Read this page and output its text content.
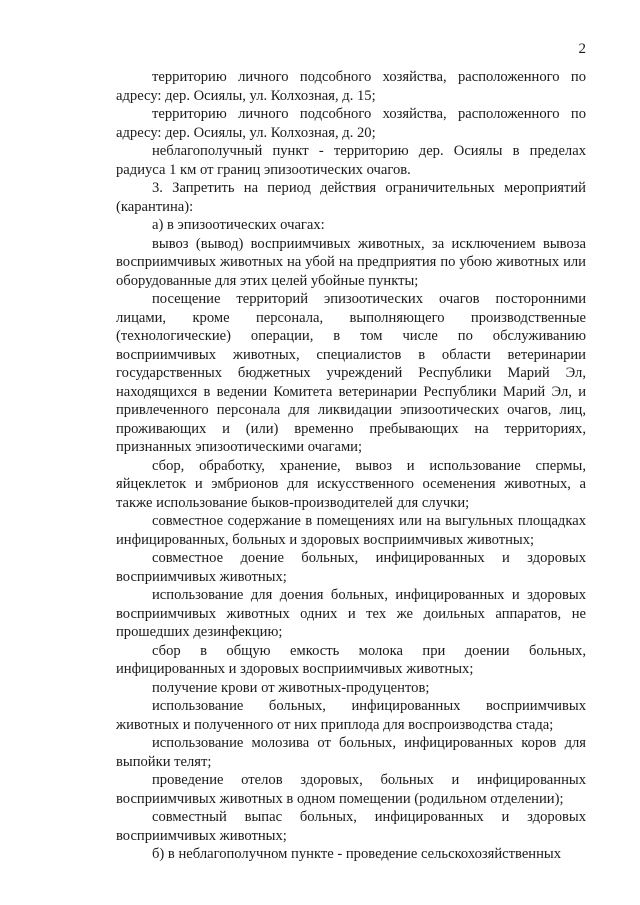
2

территорию личного подсобного хозяйства, расположенного по адресу: дер. Осиялы, ул. Колхозная, д. 15;

территорию личного подсобного хозяйства, расположенного по адресу: дер. Осиялы, ул. Колхозная, д. 20;

неблагополучный пункт - территорию дер. Осиялы в пределах радиуса 1 км от границ эпизоотических очагов.

3. Запретить на период действия ограничительных мероприятий (карантина):

а) в эпизоотических очагах:

вывоз (вывод) восприимчивых животных, за исключением вывоза восприимчивых животных на убой на предприятия по убою животных или оборудованные для этих целей убойные пункты;

посещение территорий эпизоотических очагов посторонними лицами, кроме персонала, выполняющего производственные (технологические) операции, в том числе по обслуживанию восприимчивых животных, специалистов в области ветеринарии государственных бюджетных учреждений Республики Марий Эл, находящихся в ведении Комитета ветеринарии Республики Марий Эл, и привлеченного персонала для ликвидации эпизоотических очагов, лиц, проживающих и (или) временно пребывающих на территориях, признанных эпизоотическими очагами;

сбор, обработку, хранение, вывоз и использование спермы, яйцеклеток и эмбрионов для искусственного осеменения животных, а также использование быков-производителей для случки;

совместное содержание в помещениях или на выгульных площадках инфицированных, больных и здоровых восприимчивых животных;

совместное доение больных, инфицированных и здоровых восприимчивых животных;

использование для доения больных, инфицированных и здоровых восприимчивых животных одних и тех же доильных аппаратов, не прошедших дезинфекцию;

сбор в общую емкость молока при доении больных, инфицированных и здоровых восприимчивых животных;

получение крови от животных-продуцентов;

использование больных, инфицированных восприимчивых животных и полученного от них приплода для воспроизводства стада;

использование молозива от больных, инфицированных коров для выпойки телят;

проведение отелов здоровых, больных и инфицированных восприимчивых животных в одном помещении (родильном отделении);

совместный выпас больных, инфицированных и здоровых восприимчивых животных;

б) в неблагополучном пункте - проведение сельскохозяйственных
